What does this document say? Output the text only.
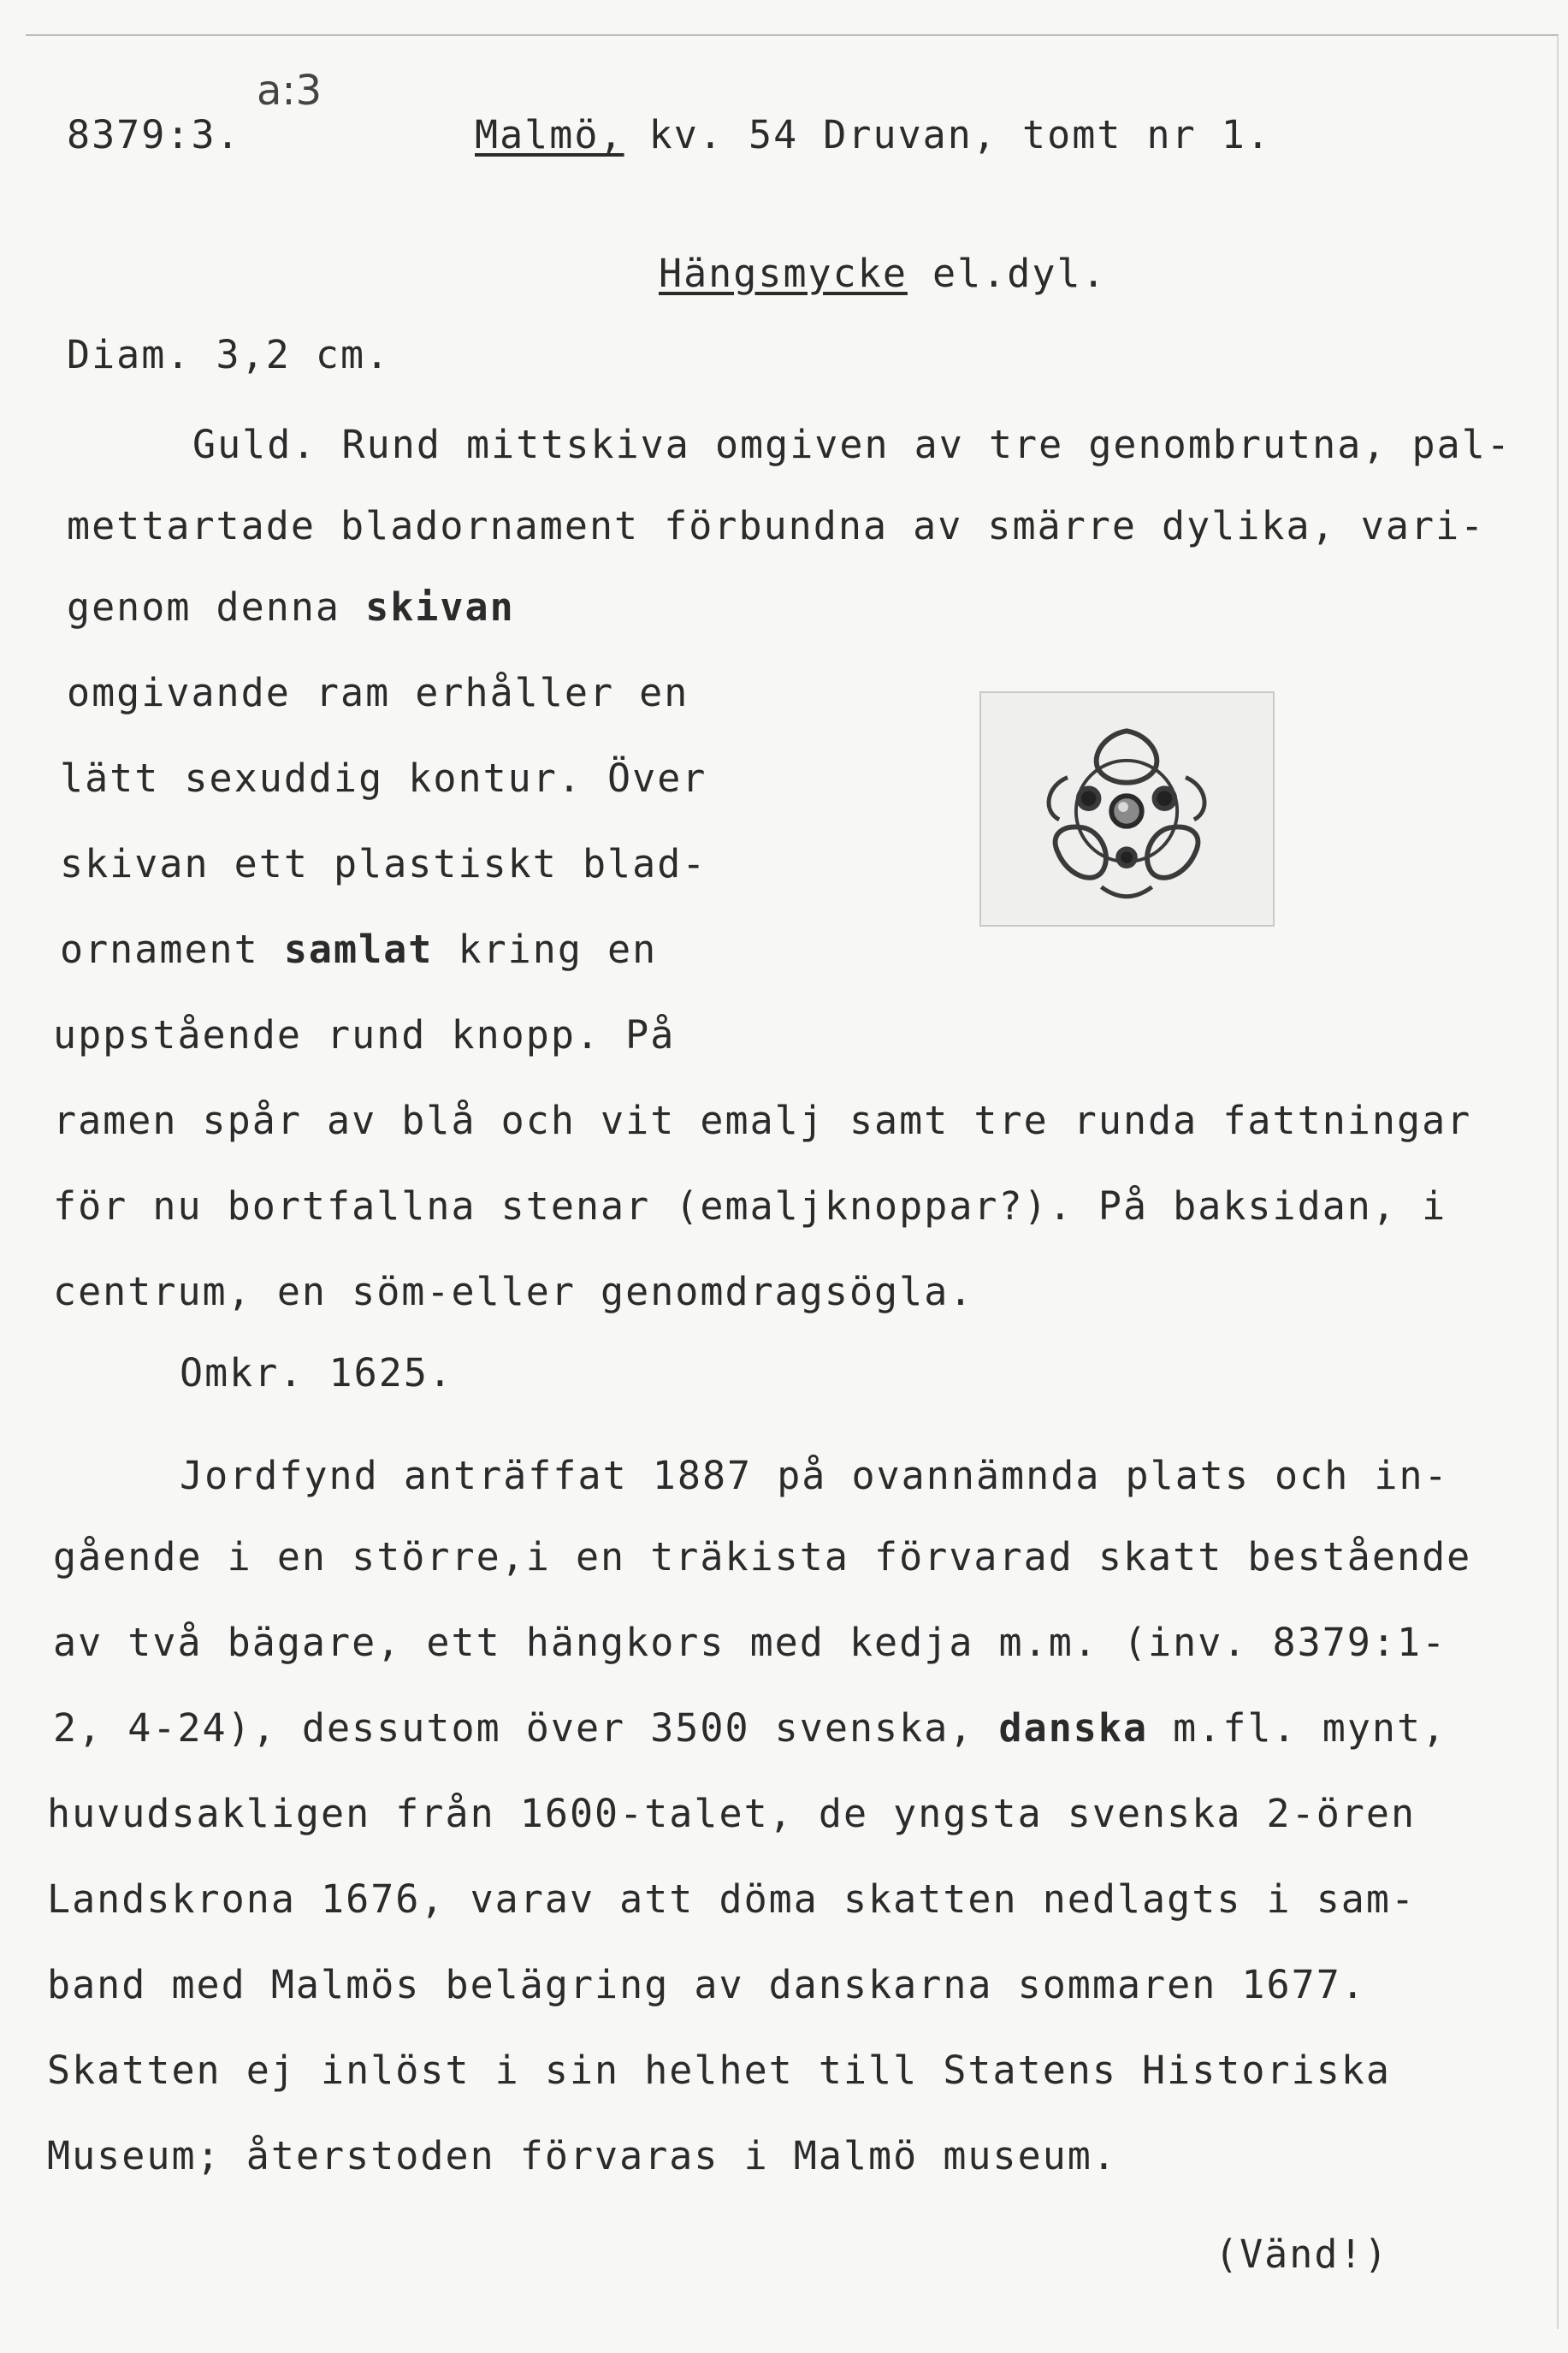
8379:3.
a:3
Malmö, kv. 54 Druvan, tomt nr 1.
Hängsmycke el.dyl.
Diam. 3,2 cm.
Guld. Rund mittskiva omgiven av tre genombrutna, pal-
mettartade bladornament förbundna av smärre dylika, vari-
genom denna skivan
omgivande ram erhåller en
lätt sexuddig kontur. Över
skivan ett plastiskt blad-
ornament samlat kring en
uppstående rund knopp. På
ramen spår av blå och vit emalj samt tre runda fattningar
för nu bortfallna stenar (emaljknoppar?). På baksidan, i
centrum, en söm-eller genomdragsögla.
Omkr. 1625.
Jordfynd anträffat 1887 på ovannämnda plats och in-
gående i en större,i en träkista förvarad skatt bestående
av två bägare, ett hängkors med kedja m.m. (inv. 8379:1-
2, 4-24), dessutom över 3500 svenska, danska m.fl. mynt,
huvudsakligen från 1600-talet, de yngsta svenska 2-ören
Landskrona 1676, varav att döma skatten nedlagts i sam-
band med Malmös belägring av danskarna sommaren 1677.
Skatten ej inlöst i sin helhet till Statens Historiska
Museum; återstoden förvaras i Malmö museum.
(Vänd!)
